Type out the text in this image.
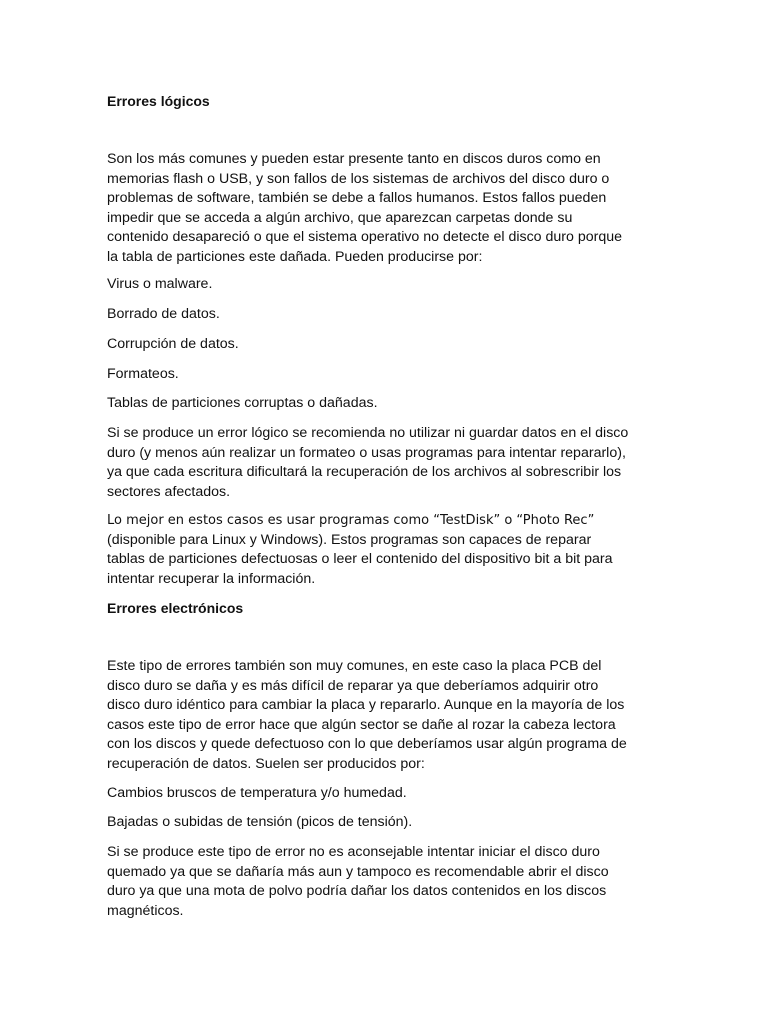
Errores lógicos

Son los más comunes y pueden estar presente tanto en discos duros como en
memorias flash o USB, y son fallos de los sistemas de archivos del disco duro o
problemas de software, también se debe a fallos humanos. Estos fallos pueden
impedir que se acceda a algún archivo, que aparezcan carpetas donde su
contenido desapareció o que el sistema operativo no detecte el disco duro porque
la tabla de particiones este dañada. Pueden producirse por:

Virus o malware.

Borrado de datos.

Corrupción de datos.

Formateos.

Tablas de particiones corruptas o dañadas.

Si se produce un error lógico se recomienda no utilizar ni guardar datos en el disco
duro (y menos aún realizar un formateo o usas programas para intentar repararlo),
ya que cada escritura dificultará la recuperación de los archivos al sobrescribir los
sectores afectados.

Lo mejor en estos casos es usar programas como “TestDisk” o “Photo Rec”
(disponible para Linux y Windows). Estos programas son capaces de reparar
tablas de particiones defectuosas o leer el contenido del dispositivo bit a bit para
intentar recuperar la información.

Errores electrónicos

Este tipo de errores también son muy comunes, en este caso la placa PCB del
disco duro se daña y es más difícil de reparar ya que deberíamos adquirir otro
disco duro idéntico para cambiar la placa y repararlo. Aunque en la mayoría de los
casos este tipo de error hace que algún sector se dañe al rozar la cabeza lectora
con los discos y quede defectuoso con lo que deberíamos usar algún programa de
recuperación de datos. Suelen ser producidos por:

Cambios bruscos de temperatura y/o humedad.

Bajadas o subidas de tensión (picos de tensión).

Si se produce este tipo de error no es aconsejable intentar iniciar el disco duro
quemado ya que se dañaría más aun y tampoco es recomendable abrir el disco
duro ya que una mota de polvo podría dañar los datos contenidos en los discos
magnéticos.
